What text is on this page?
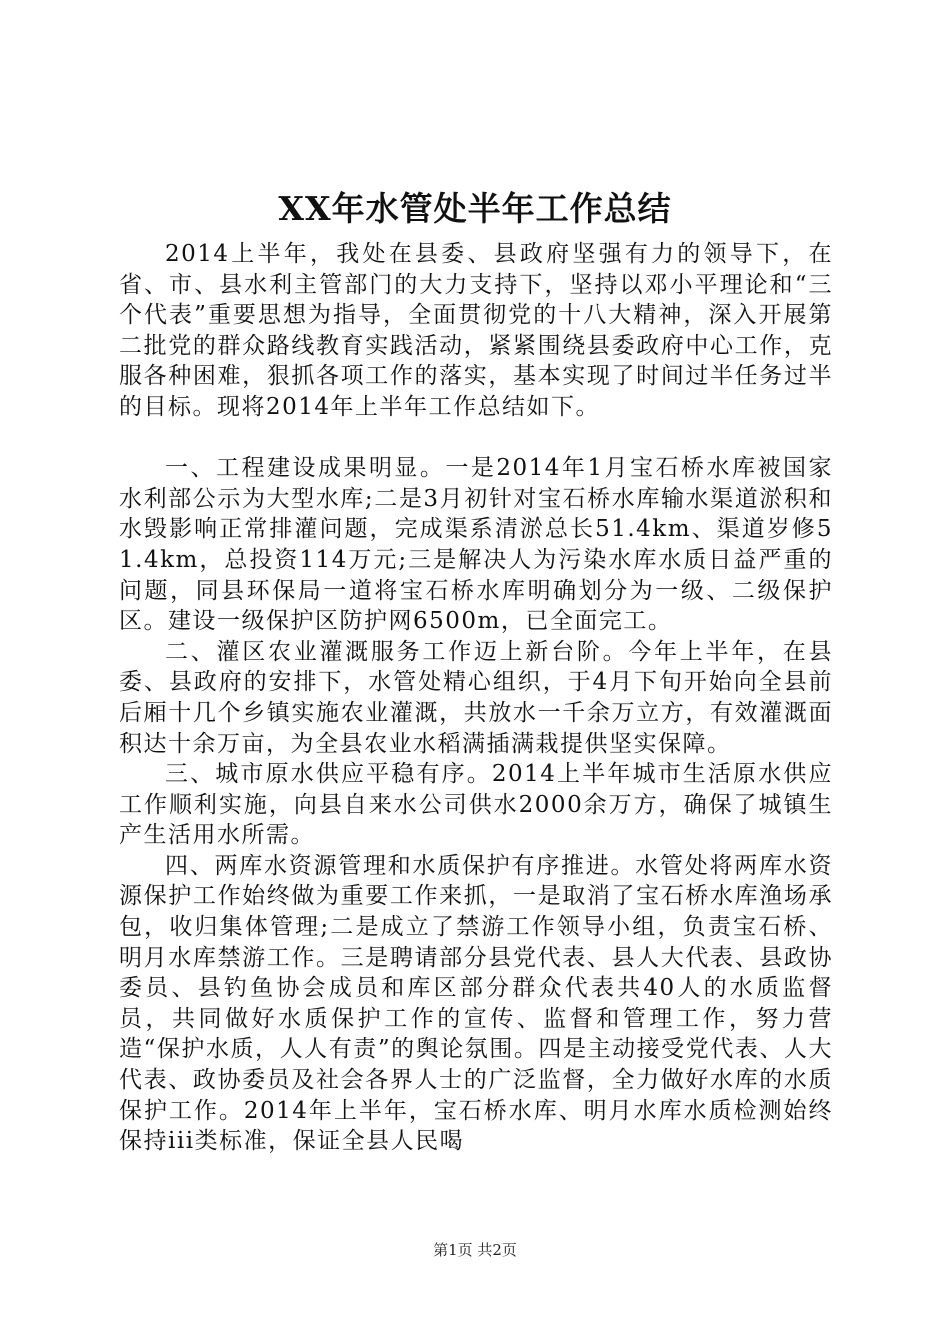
XX年水管处半年工作总结

2014上半年，我处在县委、县政府坚强有力的领导下，在省、市、县水利主管部门的大力支持下，坚持以邓小平理论和“三个代表”重要思想为指导，全面贯彻党的十八大精神，深入开展第二批党的群众路线教育实践活动，紧紧围绕县委政府中心工作，克服各种困难，狠抓各项工作的落实，基本实现了时间过半任务过半的目标。现将2014年上半年工作总结如下。

一、工程建设成果明显。一是2014年1月宝石桥水库被国家水利部公示为大型水库;二是3月初针对宝石桥水库输水渠道淤积和水毁影响正常排灌问题，完成渠系清淤总长51.4km、渠道岁修51.4km，总投资114万元;三是解决人为污染水库水质日益严重的问题，同县环保局一道将宝石桥水库明确划分为一级、二级保护区。建设一级保护区防护网6500m，已全面完工。

二、灌区农业灌溉服务工作迈上新台阶。今年上半年，在县委、县政府的安排下，水管处精心组织，于4月下旬开始向全县前后厢十几个乡镇实施农业灌溉，共放水一千余万立方，有效灌溉面积达十余万亩，为全县农业水稻满插满栽提供坚实保障。

三、城市原水供应平稳有序。2014上半年城市生活原水供应工作顺利实施，向县自来水公司供水2000余万方，确保了城镇生产生活用水所需。

四、两库水资源管理和水质保护有序推进。水管处将两库水资源保护工作始终做为重要工作来抓，一是取消了宝石桥水库渔场承包，收归集体管理;二是成立了禁游工作领导小组，负责宝石桥、明月水库禁游工作。三是聘请部分县党代表、县人大代表、县政协委员、县钓鱼协会成员和库区部分群众代表共40人的水质监督员，共同做好水质保护工作的宣传、监督和管理工作，努力营造“保护水质，人人有责”的舆论氛围。四是主动接受党代表、人大代表、政协委员及社会各界人士的广泛监督，全力做好水库的水质保护工作。2014年上半年，宝石桥水库、明月水库水质检测始终保持iii类标准，保证全县人民喝

第1页 共2页
